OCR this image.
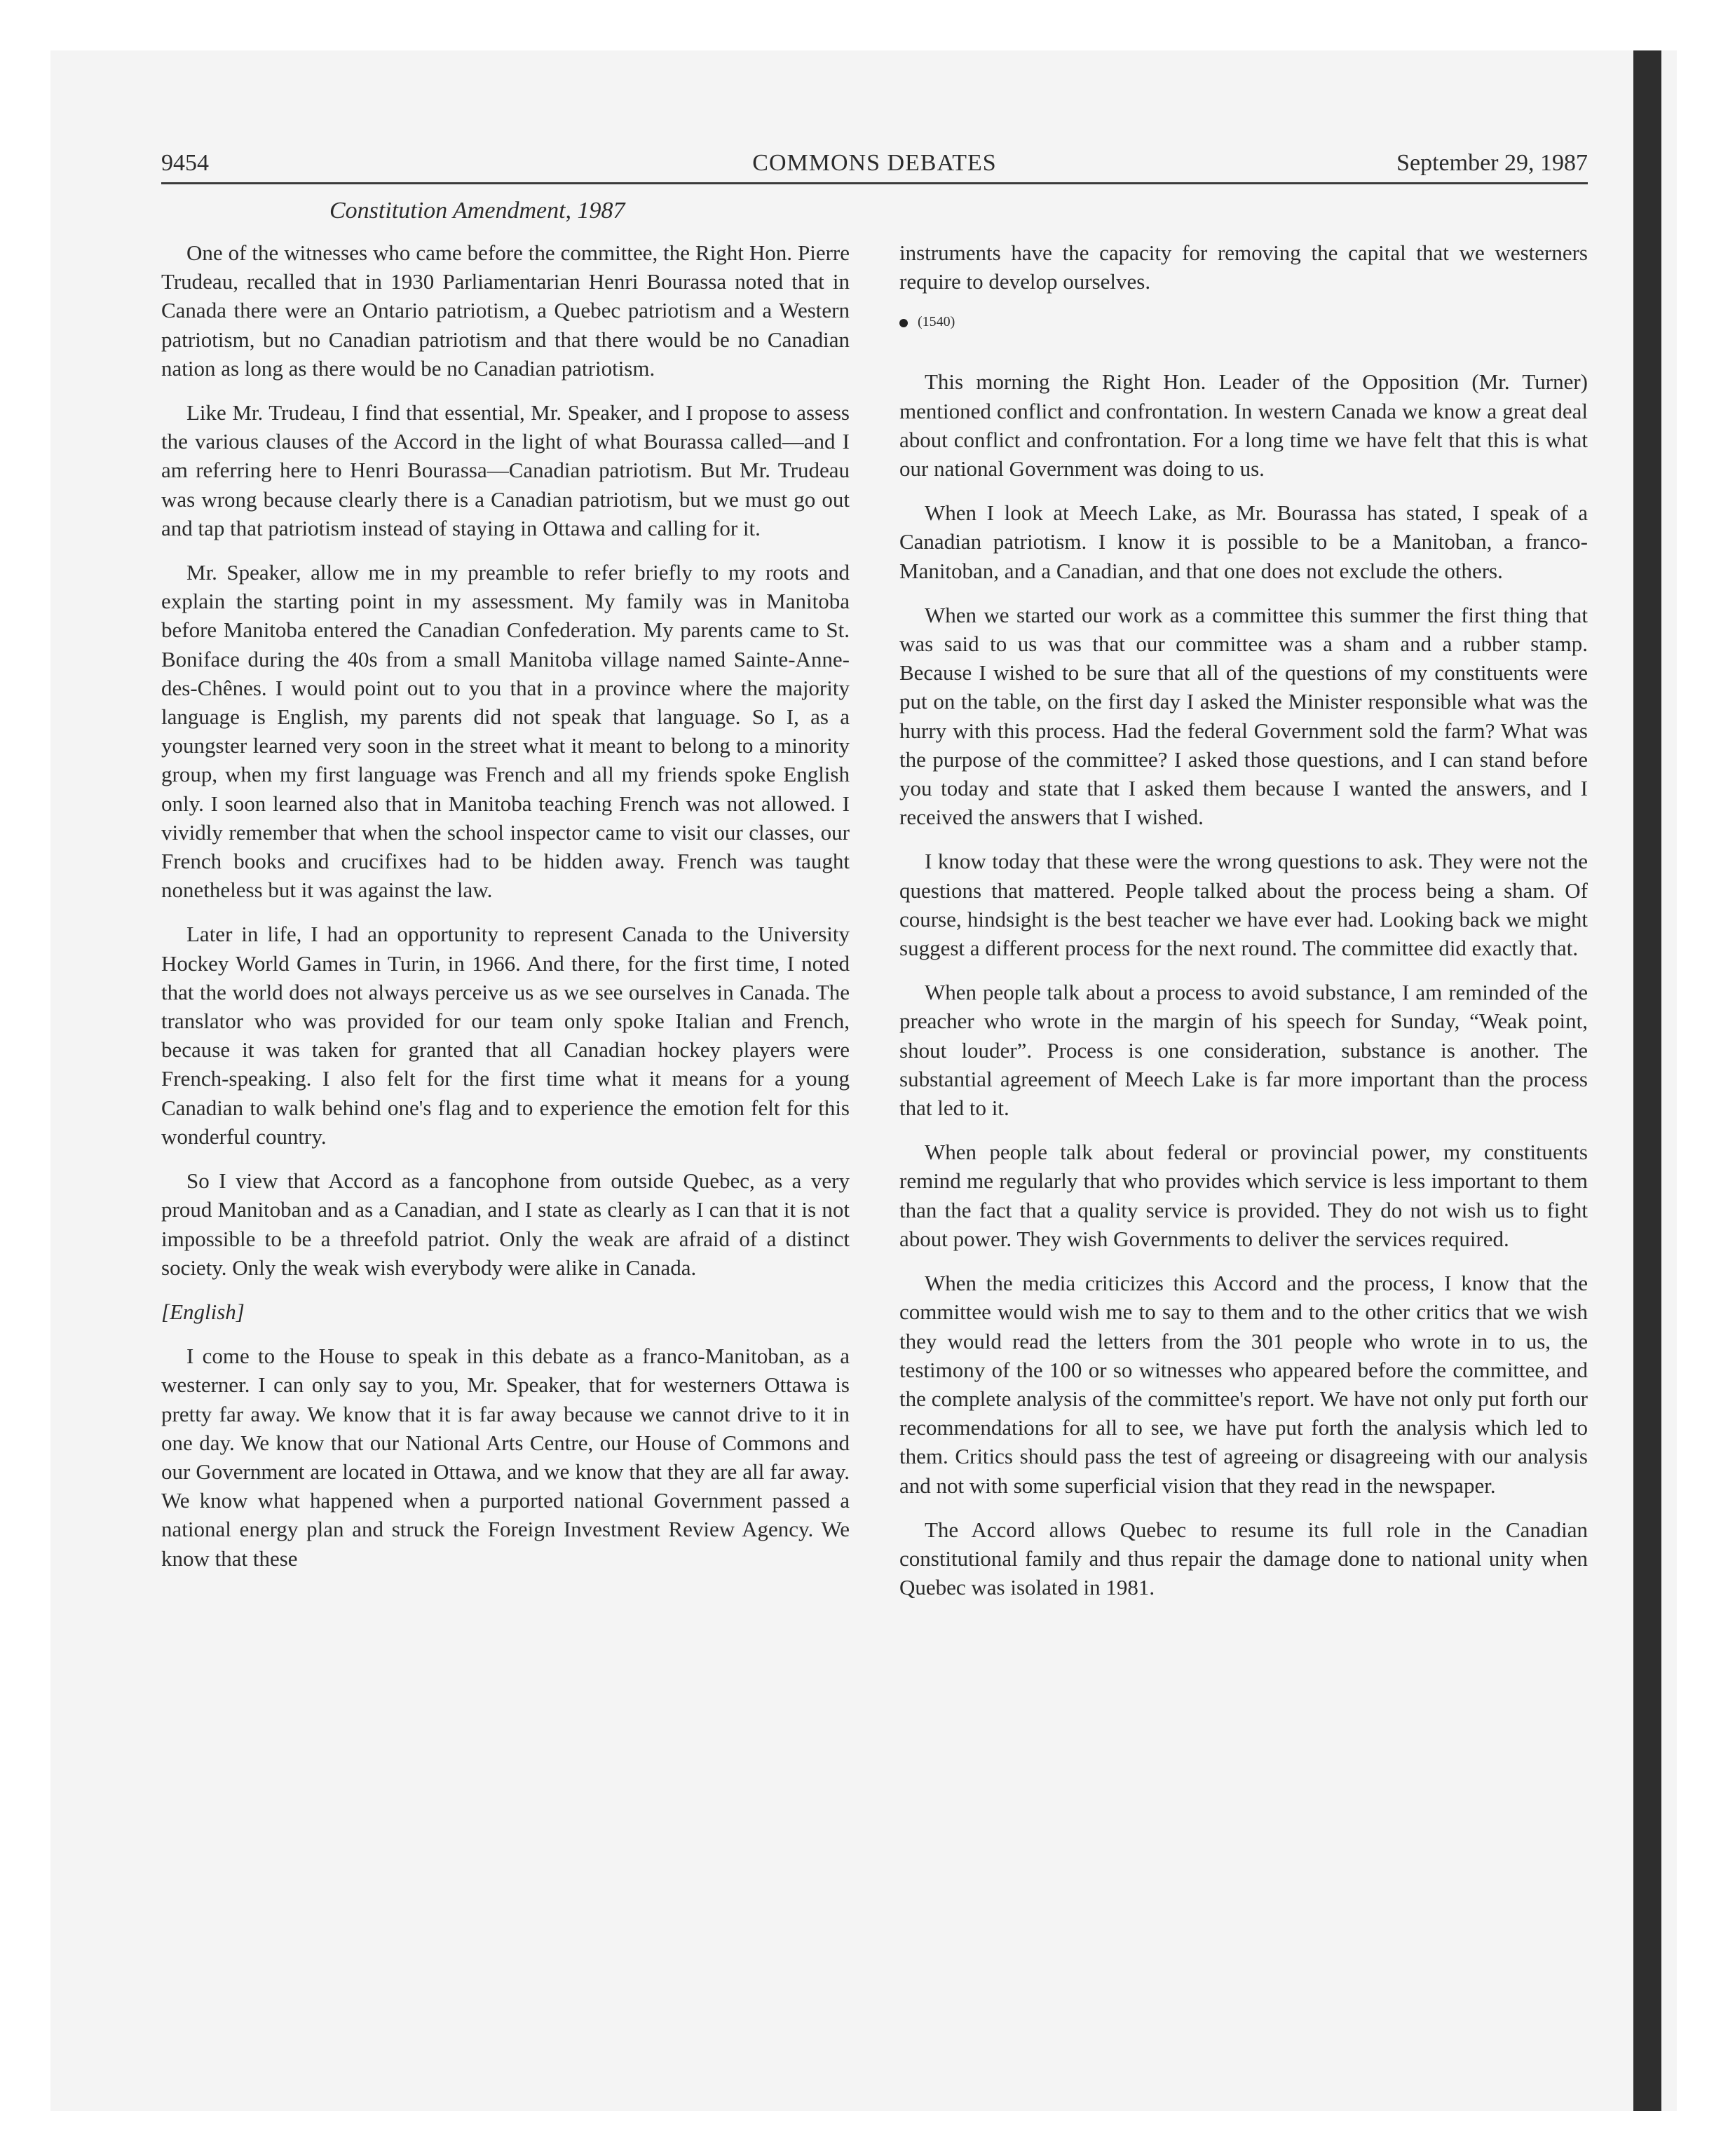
9454	COMMONS DEBATES	September 29, 1987
Constitution Amendment, 1987

One of the witnesses who came before the committee, the Right Hon. Pierre Trudeau, recalled that in 1930 Parliamentarian Henri Bourassa noted that in Canada there were an Ontario patriotism, a Quebec patriotism and a Western patriotism, but no Canadian patriotism and that there would be no Canadian nation as long as there would be no Canadian patriotism.

Like Mr. Trudeau, I find that essential, Mr. Speaker, and I propose to assess the various clauses of the Accord in the light of what Bourassa called—and I am referring here to Henri Bourassa—Canadian patriotism. But Mr. Trudeau was wrong because clearly there is a Canadian patriotism, but we must go out and tap that patriotism instead of staying in Ottawa and calling for it.

Mr. Speaker, allow me in my preamble to refer briefly to my roots and explain the starting point in my assessment. My family was in Manitoba before Manitoba entered the Canadian Confederation. My parents came to St. Boniface during the 40s from a small Manitoba village named Sainte-Anne-des-Chênes. I would point out to you that in a province where the majority language is English, my parents did not speak that language. So I, as a youngster learned very soon in the street what it meant to belong to a minority group, when my first language was French and all my friends spoke English only. I soon learned also that in Manitoba teaching French was not allowed. I vividly remember that when the school inspector came to visit our classes, our French books and crucifixes had to be hidden away. French was taught nonetheless but it was against the law.

Later in life, I had an opportunity to represent Canada to the University Hockey World Games in Turin, in 1966. And there, for the first time, I noted that the world does not always perceive us as we see ourselves in Canada. The translator who was provided for our team only spoke Italian and French, because it was taken for granted that all Canadian hockey players were French-speaking. I also felt for the first time what it means for a young Canadian to walk behind one's flag and to experience the emotion felt for this wonderful country.

So I view that Accord as a fancophone from outside Quebec, as a very proud Manitoban and as a Canadian, and I state as clearly as I can that it is not impossible to be a threefold patriot. Only the weak are afraid of a distinct society. Only the weak wish everybody were alike in Canada.

[English]

I come to the House to speak in this debate as a franco-Manitoban, as a westerner. I can only say to you, Mr. Speaker, that for westerners Ottawa is pretty far away. We know that it is far away because we cannot drive to it in one day. We know that our National Arts Centre, our House of Commons and our Government are located in Ottawa, and we know that they are all far away. We know what happened when a purported national Government passed a national energy plan and struck the Foreign Investment Review Agency. We know that these

instruments have the capacity for removing the capital that we westerners require to develop ourselves.

(1540)

This morning the Right Hon. Leader of the Opposition (Mr. Turner) mentioned conflict and confrontation. In western Canada we know a great deal about conflict and confrontation. For a long time we have felt that this is what our national Government was doing to us.

When I look at Meech Lake, as Mr. Bourassa has stated, I speak of a Canadian patriotism. I know it is possible to be a Manitoban, a franco-Manitoban, and a Canadian, and that one does not exclude the others.

When we started our work as a committee this summer the first thing that was said to us was that our committee was a sham and a rubber stamp. Because I wished to be sure that all of the questions of my constituents were put on the table, on the first day I asked the Minister responsible what was the hurry with this process. Had the federal Government sold the farm? What was the purpose of the committee? I asked those questions, and I can stand before you today and state that I asked them because I wanted the answers, and I received the answers that I wished.

I know today that these were the wrong questions to ask. They were not the questions that mattered. People talked about the process being a sham. Of course, hindsight is the best teacher we have ever had. Looking back we might suggest a different process for the next round. The committee did exactly that.

When people talk about a process to avoid substance, I am reminded of the preacher who wrote in the margin of his speech for Sunday, “Weak point, shout louder”. Process is one consideration, substance is another. The substantial agreement of Meech Lake is far more important than the process that led to it.

When people talk about federal or provincial power, my constituents remind me regularly that who provides which service is less important to them than the fact that a quality service is provided. They do not wish us to fight about power. They wish Governments to deliver the services required.

When the media criticizes this Accord and the process, I know that the committee would wish me to say to them and to the other critics that we wish they would read the letters from the 301 people who wrote in to us, the testimony of the 100 or so witnesses who appeared before the committee, and the complete analysis of the committee's report. We have not only put forth our recommendations for all to see, we have put forth the analysis which led to them. Critics should pass the test of agreeing or disagreeing with our analysis and not with some superficial vision that they read in the newspaper.

The Accord allows Quebec to resume its full role in the Canadian constitutional family and thus repair the damage done to national unity when Quebec was isolated in 1981.
